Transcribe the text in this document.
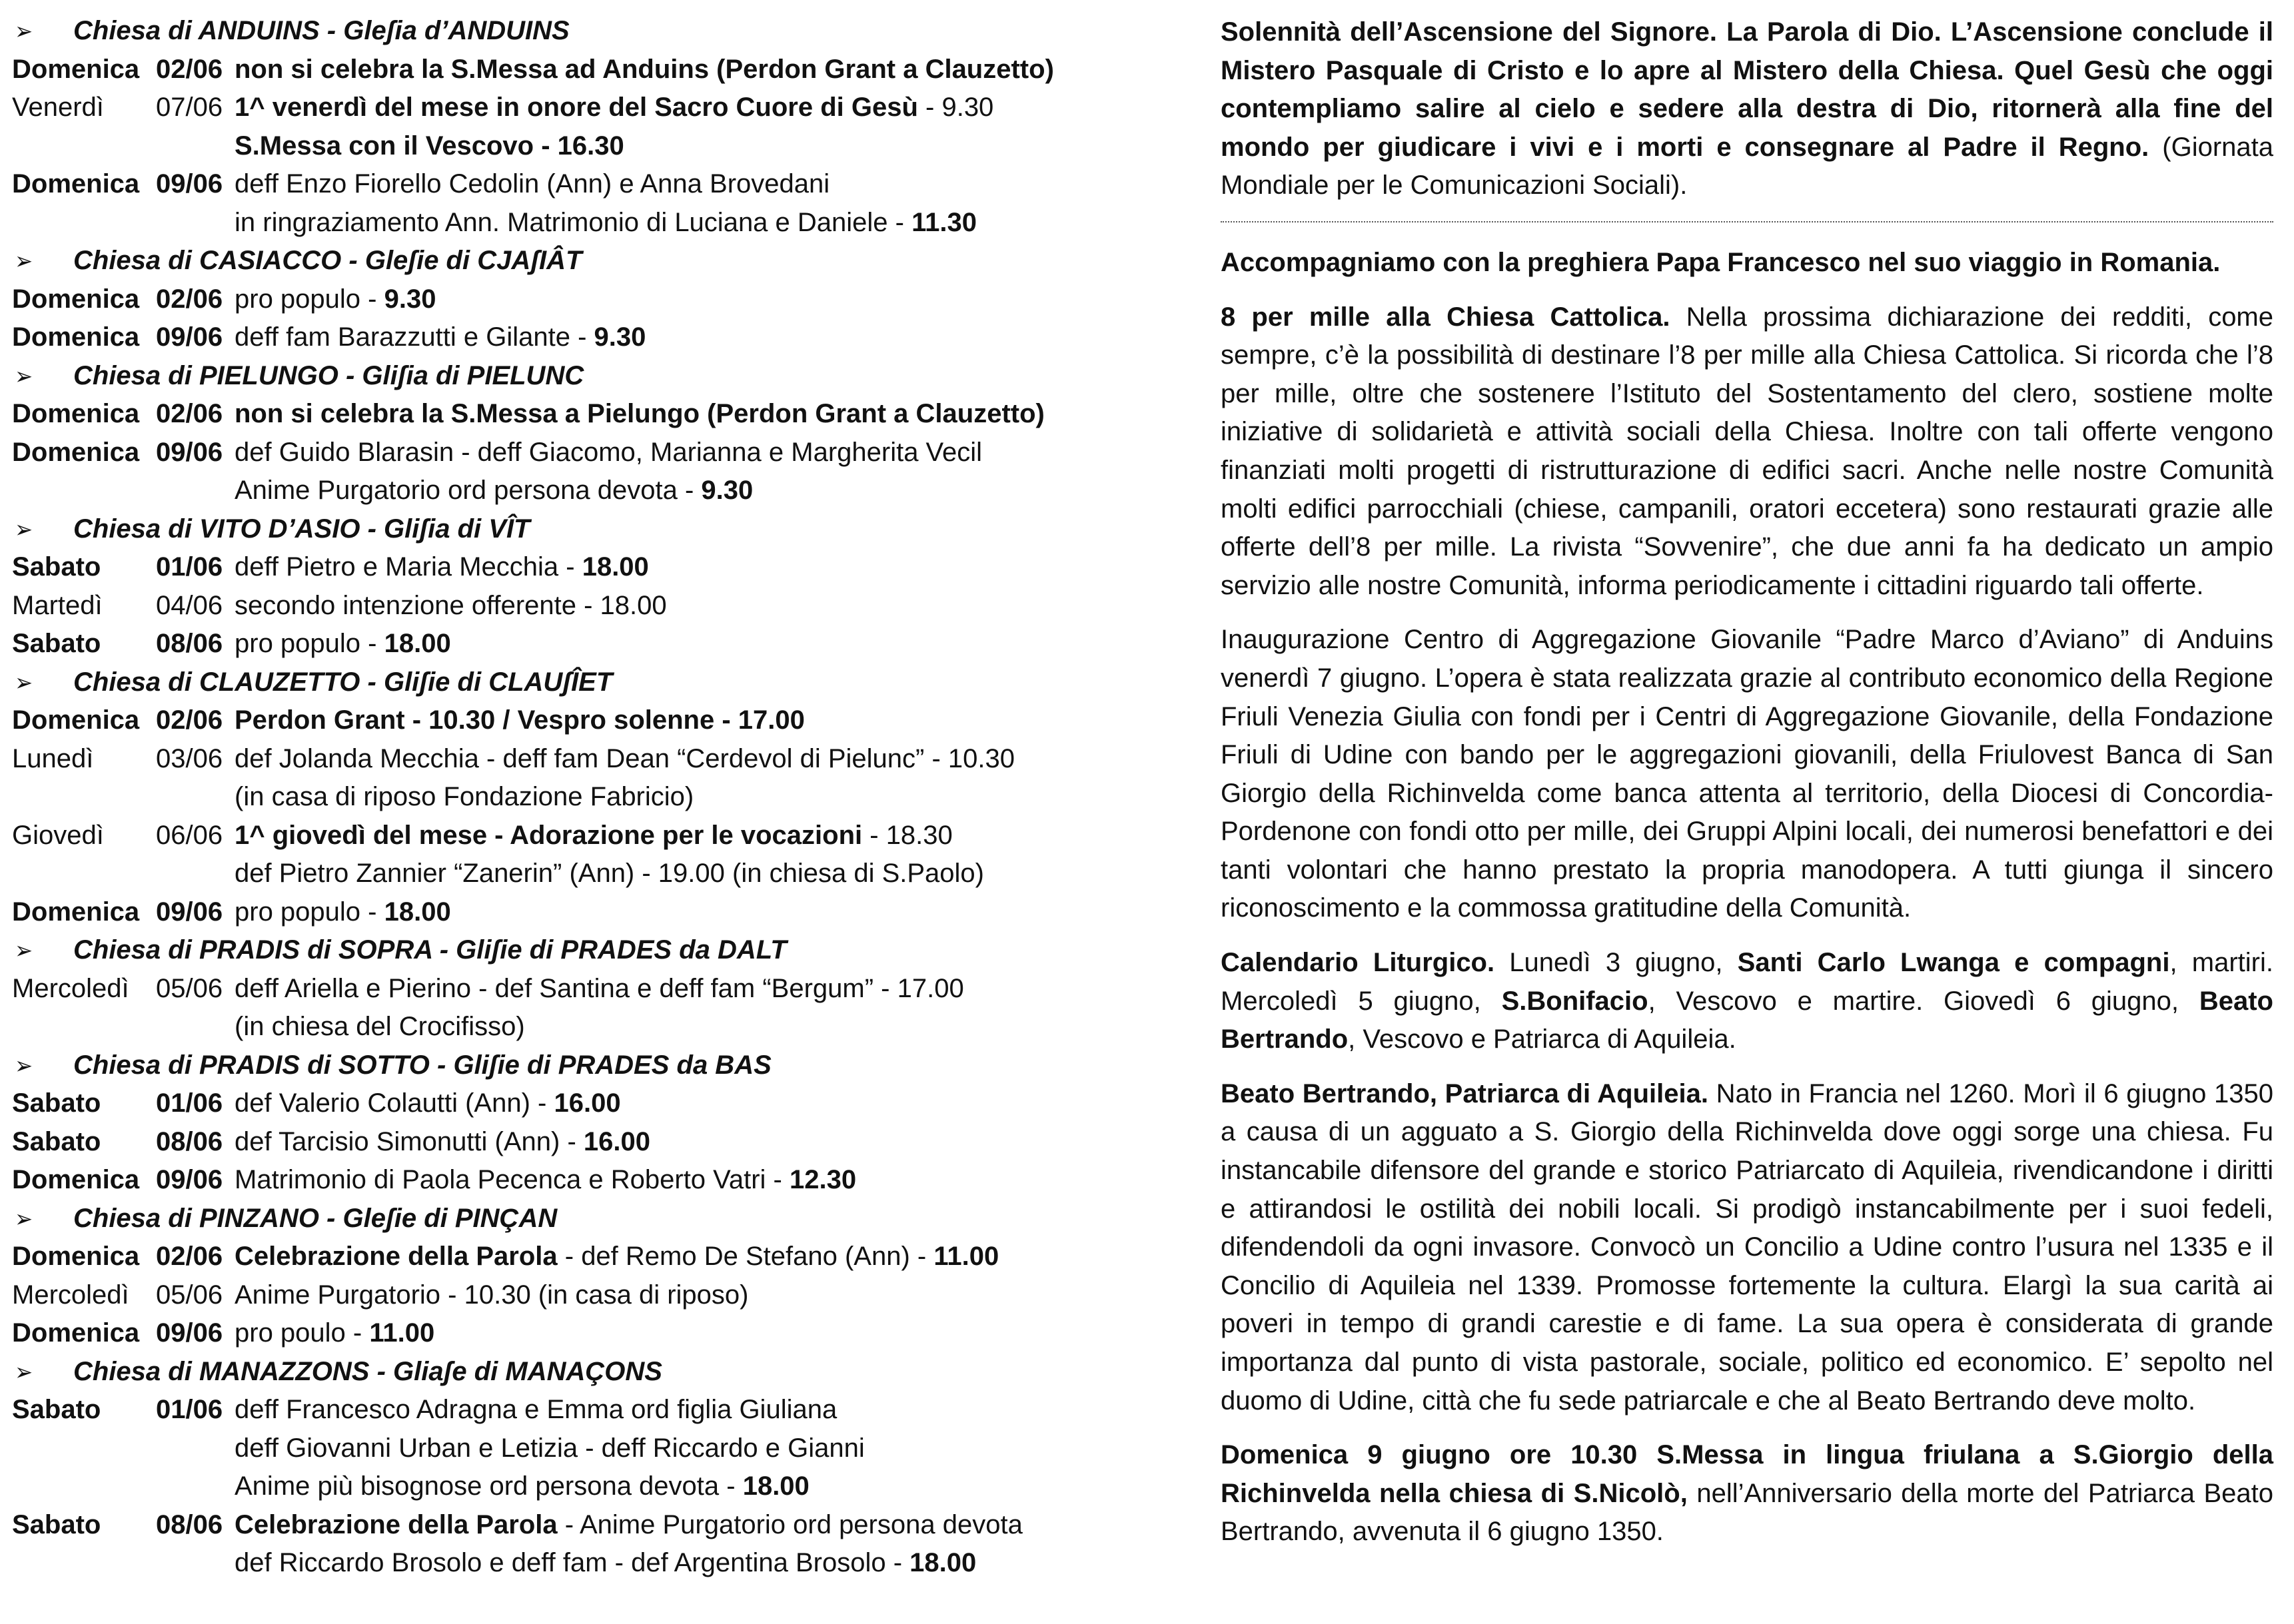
➢ Chiesa di ANDUINS - Gleʃia d’ANDUINS
Domenica 02/06 non si celebra la S.Messa ad Anduins (Perdon Grant a Clauzetto)
Venerdì 07/06 1^ venerdì del mese in onore del Sacro Cuore di Gesù - 9.30
S.Messa con il Vescovo - 16.30
Domenica 09/06 deff Enzo Fiorello Cedolin (Ann) e Anna Brovedani
in ringraziamento Ann. Matrimonio di Luciana e Daniele - 11.30
➢ Chiesa di CASIACCO - Gleʃie di CJAʃIÂT
Domenica 02/06 pro populo - 9.30
Domenica 09/06 deff fam Barazzutti e Gilante - 9.30
➢ Chiesa di PIELUNGO - Gliʃia di PIELUNC
Domenica 02/06 non si celebra la S.Messa a Pielungo (Perdon Grant a Clauzetto)
Domenica 09/06 def Guido Blarasin - deff Giacomo, Marianna e Margherita Vecil
Anime Purgatorio ord persona devota - 9.30
➢ Chiesa di VITO D’ASIO - Gliʃia di VÎT
Sabato 01/06 deff Pietro e Maria Mecchia - 18.00
Martedì 04/06 secondo intenzione offerente - 18.00
Sabato 08/06 pro populo - 18.00
➢ Chiesa di CLAUZETTO - Gliʃie di CLAUʃÎET
Domenica 02/06 Perdon Grant - 10.30 / Vespro solenne - 17.00
Lunedì 03/06 def Jolanda Mecchia - deff fam Dean “Cerdevol di Pielunc” - 10.30
(in casa di riposo Fondazione Fabricio)
Giovedì 06/06 1^ giovedì del mese - Adorazione per le vocazioni - 18.30
def Pietro Zannier “Zanerin” (Ann) - 19.00 (in chiesa di S.Paolo)
Domenica 09/06 pro populo - 18.00
➢ Chiesa di PRADIS di SOPRA - Gliʃie di PRADES da DALT
Mercoledì 05/06 deff Ariella e Pierino - def Santina e deff fam “Bergum” - 17.00
(in chiesa del Crocifisso)
➢ Chiesa di PRADIS di SOTTO - Gliʃie di PRADES da BAS
Sabato 01/06 def Valerio Colautti (Ann) - 16.00
Sabato 08/06 def Tarcisio Simonutti (Ann) - 16.00
Domenica 09/06 Matrimonio di Paola Pecenca e Roberto Vatri - 12.30
➢ Chiesa di PINZANO - Gleʃie di PINÇAN
Domenica 02/06 Celebrazione della Parola - def Remo De Stefano (Ann) - 11.00
Mercoledì 05/06 Anime Purgatorio - 10.30 (in casa di riposo)
Domenica 09/06 pro poulo - 11.00
➢ Chiesa di MANAZZONS - Gliaʃe di MANAÇONS
Sabato 01/06 deff Francesco Adragna e Emma ord figlia Giuliana
deff Giovanni Urban e Letizia - deff Riccardo e Gianni
Anime più bisognose ord persona devota - 18.00
Sabato 08/06 Celebrazione della Parola - Anime Purgatorio ord persona devota
def Riccardo Brosolo e deff fam - def Argentina Brosolo - 18.00

Solennità dell’Ascensione del Signore. La Parola di Dio. L’Ascensione conclude il Mistero Pasquale di Cristo e lo apre al Mistero della Chiesa. Quel Gesù che oggi contempliamo salire al cielo e sedere alla destra di Dio, ritornerà alla fine del mondo per giudicare i vivi e i morti e consegnare al Padre il Regno. (Giornata Mondiale per le Comunicazioni Sociali).

Accompagniamo con la preghiera Papa Francesco nel suo viaggio in Romania.

8 per mille alla Chiesa Cattolica. Nella prossima dichiarazione dei redditi, come sempre, c’è la possibilità di destinare l’8 per mille alla Chiesa Cattolica. Si ricorda che l’8 per mille, oltre che sostenere l’Istituto del Sostentamento del clero, sostiene molte iniziative di solidarietà e attività sociali della Chiesa. Inoltre con tali offerte vengono finanziati molti progetti di ristrutturazione di edifici sacri. Anche nelle nostre Comunità molti edifici parrocchiali (chiese, campanili, oratori eccetera) sono restaurati grazie alle offerte dell’8 per mille. La rivista “Sovvenire”, che due anni fa ha dedicato un ampio servizio alle nostre Comunità, informa periodicamente i cittadini riguardo tali offerte.

Inaugurazione Centro di Aggregazione Giovanile “Padre Marco d’Aviano” di Anduins venerdì 7 giugno. L’opera è stata realizzata grazie al contributo economico della Regione Friuli Venezia Giulia con fondi per i Centri di Aggregazione Giovanile, della Fondazione Friuli di Udine con bando per le aggregazioni giovanili, della Friulovest Banca di San Giorgio della Richinvelda come banca attenta al territorio, della Diocesi di Concordia-Pordenone con fondi otto per mille, dei Gruppi Alpini locali, dei numerosi benefattori e dei tanti volontari che hanno prestato la propria manodopera. A tutti giunga il sincero riconoscimento e la commossa gratitudine della Comunità.

Calendario Liturgico. Lunedì 3 giugno, Santi Carlo Lwanga e compagni, martiri. Mercoledì 5 giugno, S.Bonifacio, Vescovo e martire. Giovedì 6 giugno, Beato Bertrando, Vescovo e Patriarca di Aquileia.

Beato Bertrando, Patriarca di Aquileia. Nato in Francia nel 1260. Morì il 6 giugno 1350 a causa di un agguato a S. Giorgio della Richinvelda dove oggi sorge una chiesa. Fu instancabile difensore del grande e storico Patriarcato di Aquileia, rivendicandone i diritti e attirandosi le ostilità dei nobili locali. Si prodigò instancabilmente per i suoi fedeli, difendendoli da ogni invasore. Convocò un Concilio a Udine contro l’usura nel 1335 e il Concilio di Aquileia nel 1339. Promosse fortemente la cultura. Elargì la sua carità ai poveri in tempo di grandi carestie e di fame. La sua opera è considerata di grande importanza dal punto di vista pastorale, sociale, politico ed economico. E’ sepolto nel duomo di Udine, città che fu sede patriarcale e che al Beato Bertrando deve molto.

Domenica 9 giugno ore 10.30 S.Messa in lingua friulana a S.Giorgio della Richinvelda nella chiesa di S.Nicolò, nell’Anniversario della morte del Patriarca Beato Bertrando, avvenuta il 6 giugno 1350.
